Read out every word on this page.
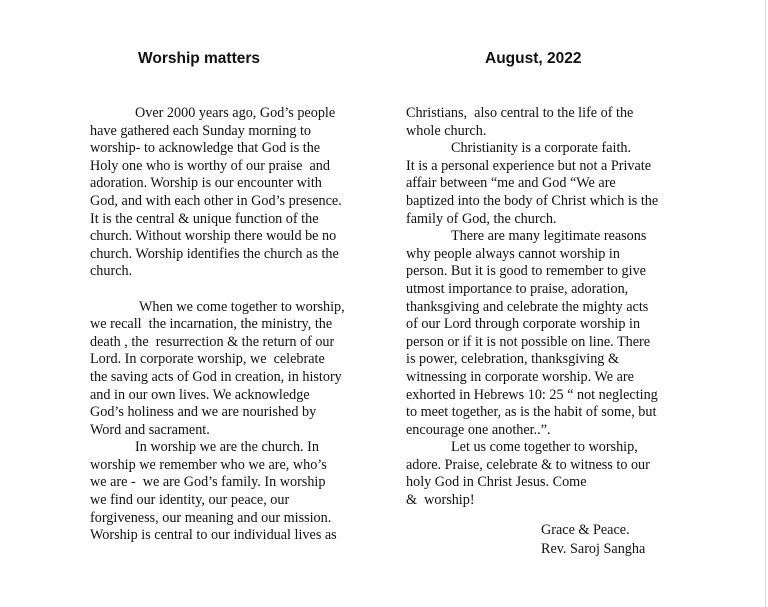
Worship matters	August, 2022
Over 2000 years ago, God’s people
have gathered each Sunday morning to
worship- to acknowledge that God is the
Holy one who is worthy of our praise  and
adoration. Worship is our encounter with
God, and with each other in God’s presence.
It is the central & unique function of the
church. Without worship there would be no
church. Worship identifies the church as the
church.
When we come together to worship,
we recall  the incarnation, the ministry, the
death , the  resurrection & the return of our
Lord. In corporate worship, we  celebrate
the saving acts of God in creation, in history
and in our own lives. We acknowledge
God’s holiness and we are nourished by
Word and sacrament.
In worship we are the church. In
worship we remember who we are, who’s
we are -  we are God’s family. In worship
we find our identity, our peace, our
forgiveness, our meaning and our mission.
Worship is central to our individual lives as
Christians,  also central to the life of the
whole church.
Christianity is a corporate faith.
It is a personal experience but not a Private
affair between “me and God “We are
baptized into the body of Christ which is the
family of God, the church.
There are many legitimate reasons
why people always cannot worship in
person. But it is good to remember to give
utmost importance to praise, adoration,
thanksgiving and celebrate the mighty acts
of our Lord through corporate worship in
person or if it is not possible on line. There
is power, celebration, thanksgiving &
witnessing in corporate worship. We are
exhorted in Hebrews 10: 25 “ not neglecting
to meet together, as is the habit of some, but
encourage one another..”.
Let us come together to worship,
adore. Praise, celebrate & to witness to our
holy God in Christ Jesus. Come
&  worship!
Grace & Peace.
Rev. Saroj Sangha
